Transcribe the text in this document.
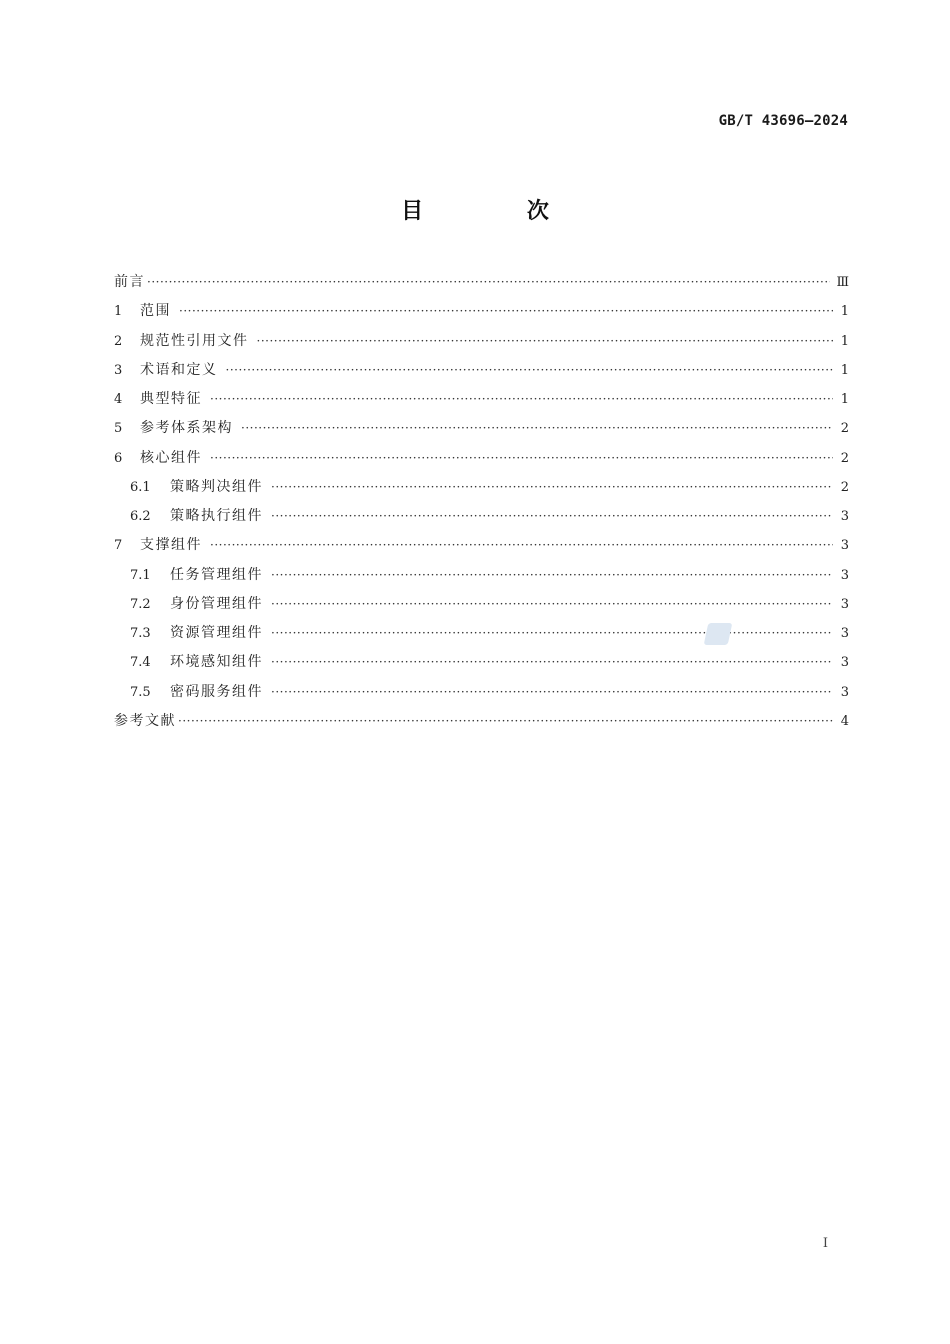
GB/T 43696—2024
目 次
前言 ·····	Ⅲ
1 范围 ·····	1
2 规范性引用文件 ·····	1
3 术语和定义 ·····	1
4 典型特征 ·····	1
5 参考体系架构 ·····	2
6 核心组件 ·····	2
6.1 策略判决组件 ·····	2
6.2 策略执行组件 ·····	3
7 支撑组件 ·····	3
7.1 任务管理组件 ·····	3
7.2 身份管理组件 ·····	3
7.3 资源管理组件 ·····	3
7.4 环境感知组件 ·····	3
7.5 密码服务组件 ·····	3
参考文献 ·····	4
I
